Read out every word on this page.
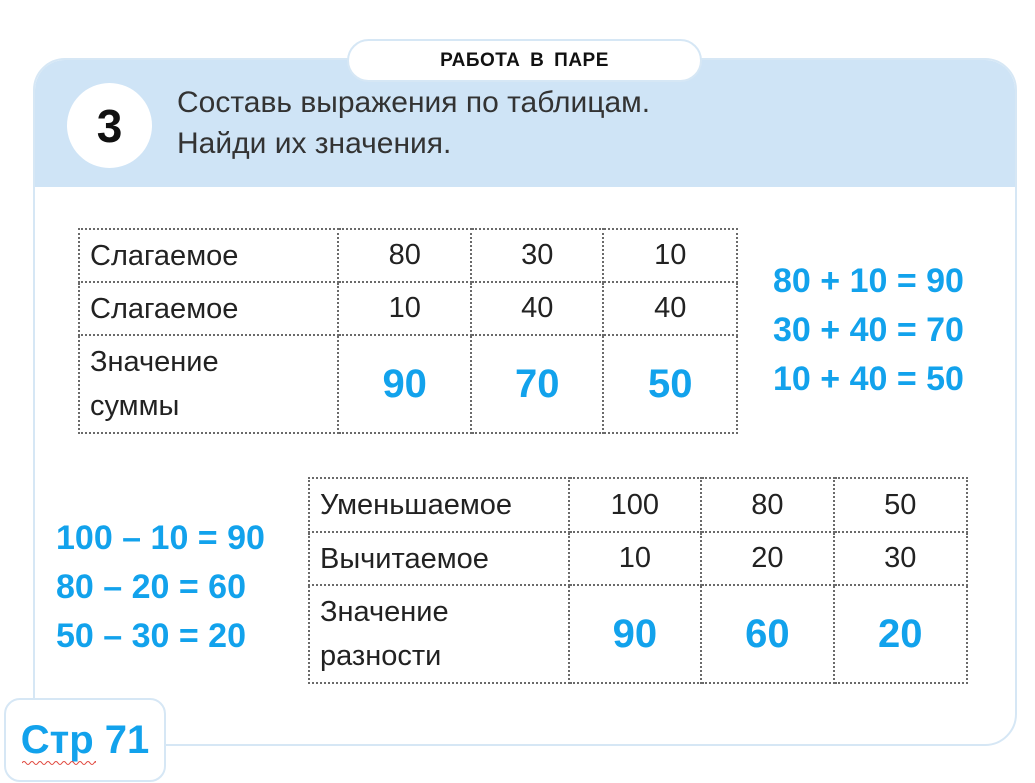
РАБОТА В ПАРЕ
3	Составь выражения по таблицам.
Найди их значения.
Слагаемое	80	30	10
Слагаемое	10	40	40

Значение
суммы	90	70	50
80 + 10 = 90
30 + 40 = 70
10 + 40 = 50
Уменьшаемое	100	80	50
Вычитаемое	10	20	30

Значение
разности	90	60	20
100 – 10 = 90
80 – 20 = 60
50 – 30 = 20
Стр 71
